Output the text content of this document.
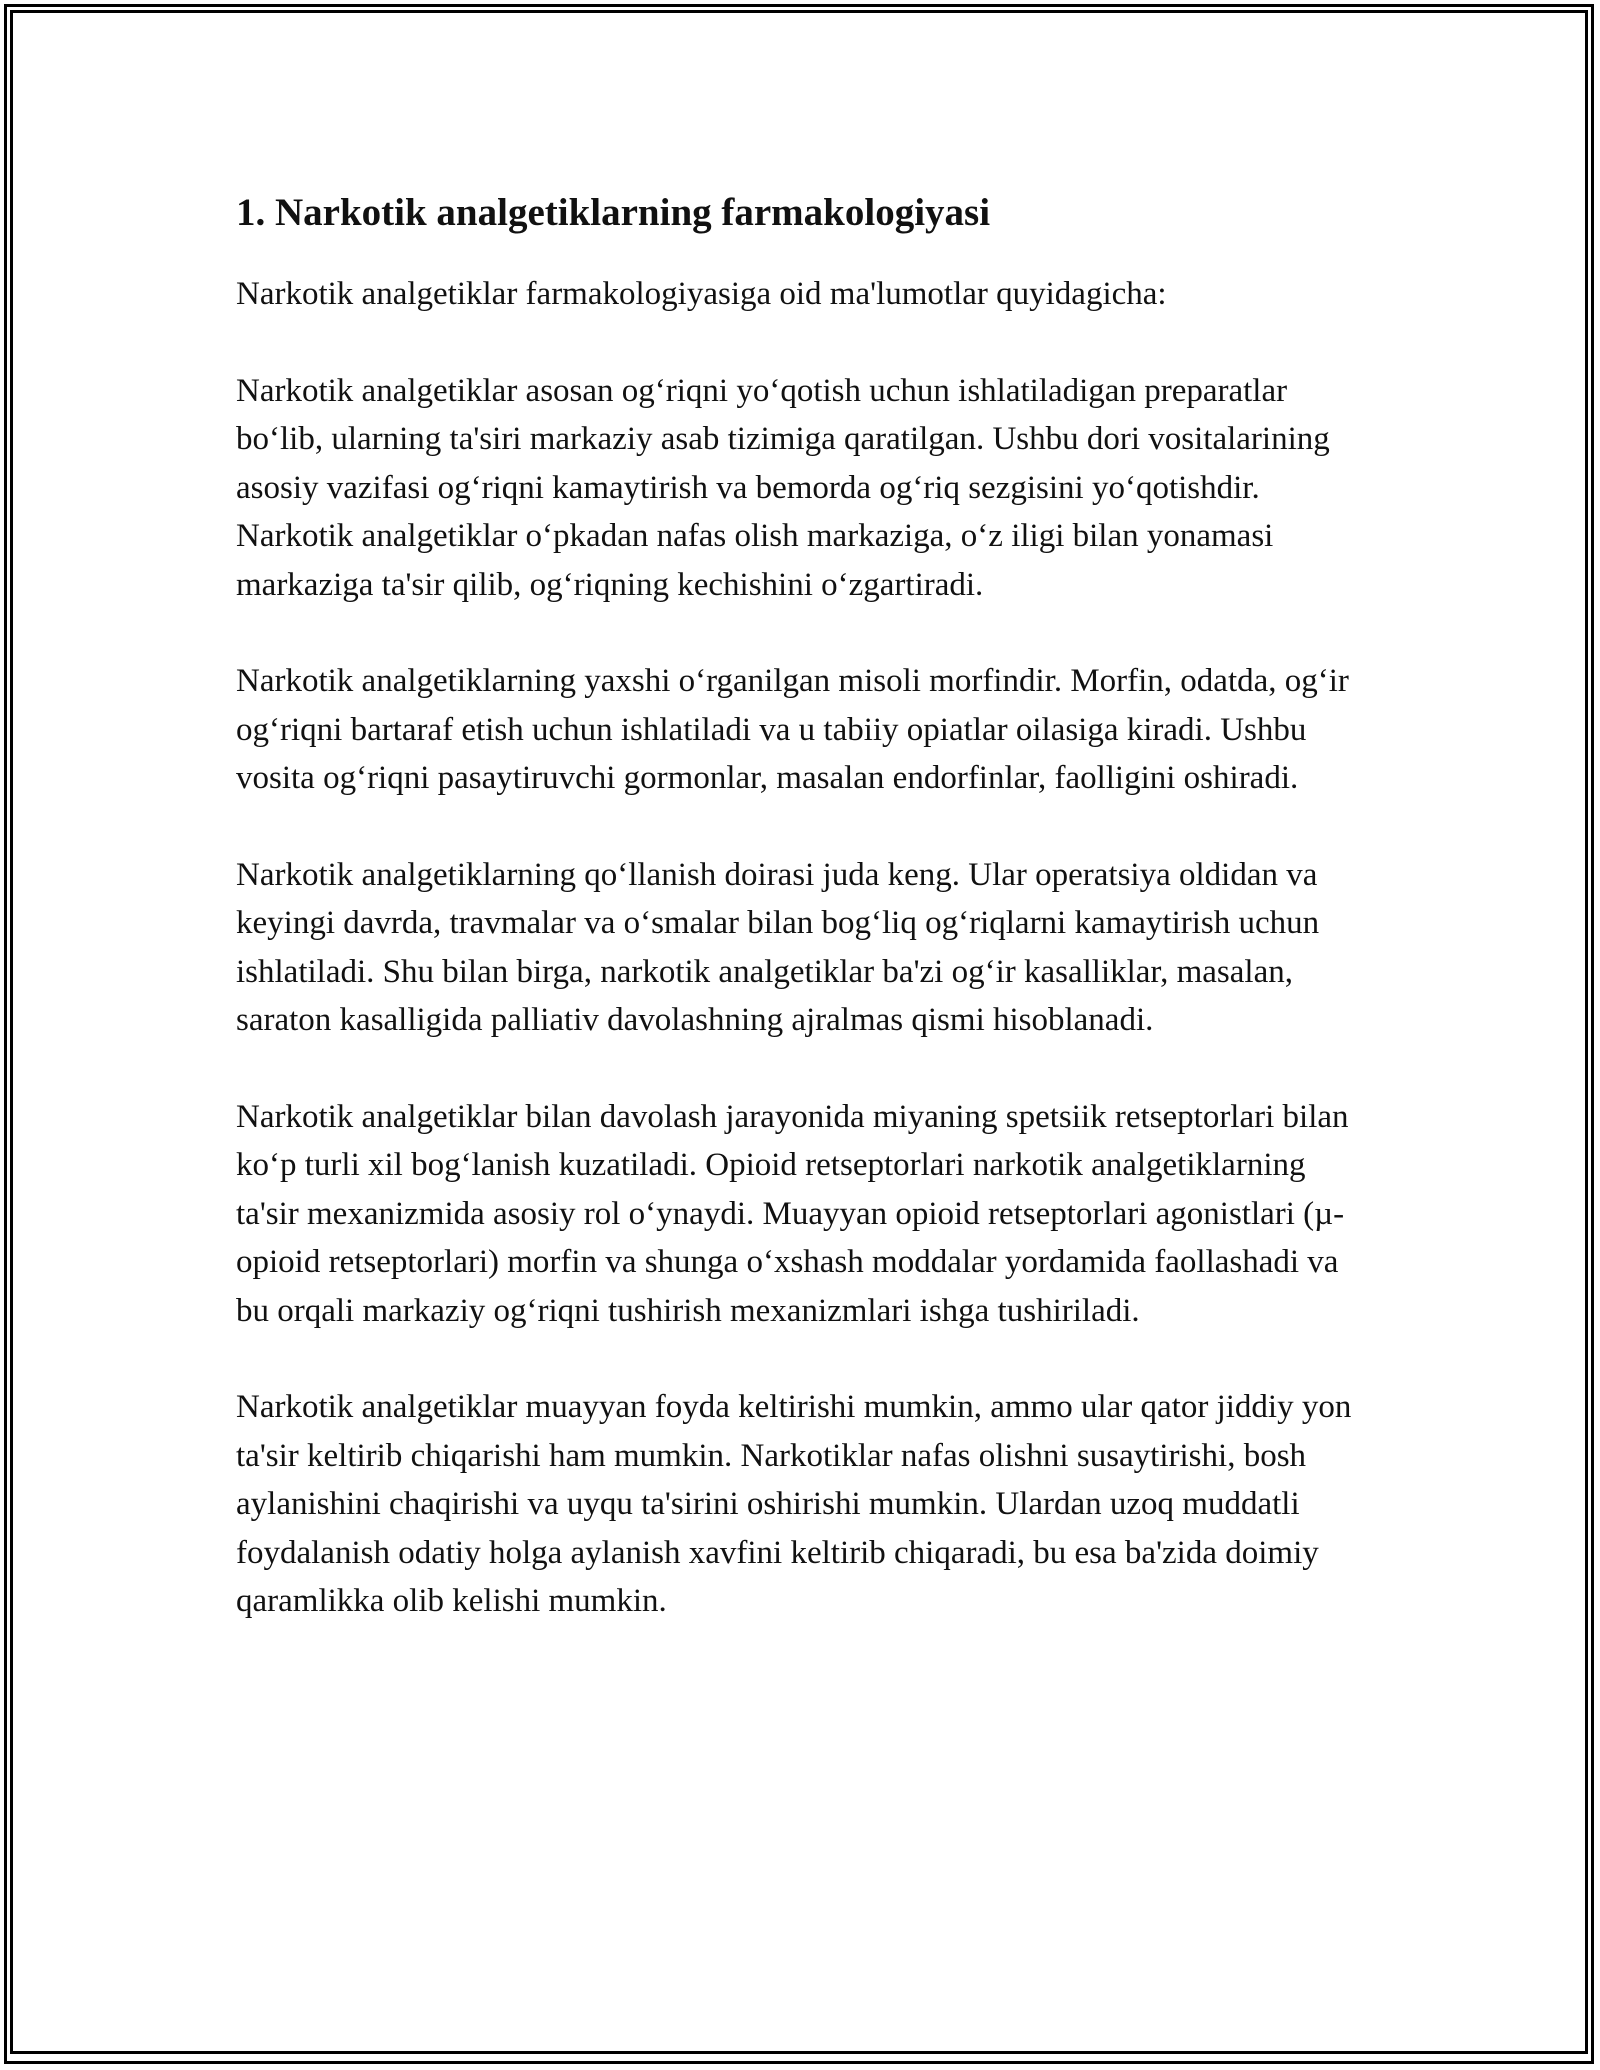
1. Narkotik analgetiklarning farmakologiyasi

Narkotik analgetiklar farmakologiyasiga oid ma'lumotlar quyidagicha:

Narkotik analgetiklar asosan og‘riqni yo‘qotish uchun ishlatiladigan preparatlar bo‘lib, ularning ta'siri markaziy asab tizimiga qaratilgan. Ushbu dori vositalarining asosiy vazifasi og‘riqni kamaytirish va bemorda og‘riq sezgisini yo‘qotishdir. Narkotik analgetiklar o‘pkadan nafas olish markaziga, o‘z iligi bilan yonamasi markaziga ta'sir qilib, og‘riqning kechishini o‘zgartiradi.

Narkotik analgetiklarning yaxshi o‘rganilgan misoli morfindir. Morfin, odatda, og‘ir og‘riqni bartaraf etish uchun ishlatiladi va u tabiiy opiatlar oilasiga kiradi. Ushbu vosita og‘riqni pasaytiruvchi gormonlar, masalan endorfinlar, faolligini oshiradi.

Narkotik analgetiklarning qo‘llanish doirasi juda keng. Ular operatsiya oldidan va keyingi davrda, travmalar va o‘smalar bilan bog‘liq og‘riqlarni kamaytirish uchun ishlatiladi. Shu bilan birga, narkotik analgetiklar ba'zi og‘ir kasalliklar, masalan, saraton kasalligida palliativ davolashning ajralmas qismi hisoblanadi.

Narkotik analgetiklar bilan davolash jarayonida miyaning spetsiik retseptorlari bilan ko‘p turli xil bog‘lanish kuzatiladi. Opioid retseptorlari narkotik analgetiklarning ta'sir mexanizmida asosiy rol o‘ynaydi. Muayyan opioid retseptorlari agonistlari (µ-opioid retseptorlari) morfin va shunga o‘xshash moddalar yordamida faollashadi va bu orqali markaziy og‘riqni tushirish mexanizmlari ishga tushiriladi.

Narkotik analgetiklar muayyan foyda keltirishi mumkin, ammo ular qator jiddiy yon ta'sir keltirib chiqarishi ham mumkin. Narkotiklar nafas olishni susaytirishi, bosh aylanishini chaqirishi va uyqu ta'sirini oshirishi mumkin. Ulardan uzoq muddatli foydalanish odatiy holga aylanish xavfini keltirib chiqaradi, bu esa ba'zida doimiy qaramlikka olib kelishi mumkin.
